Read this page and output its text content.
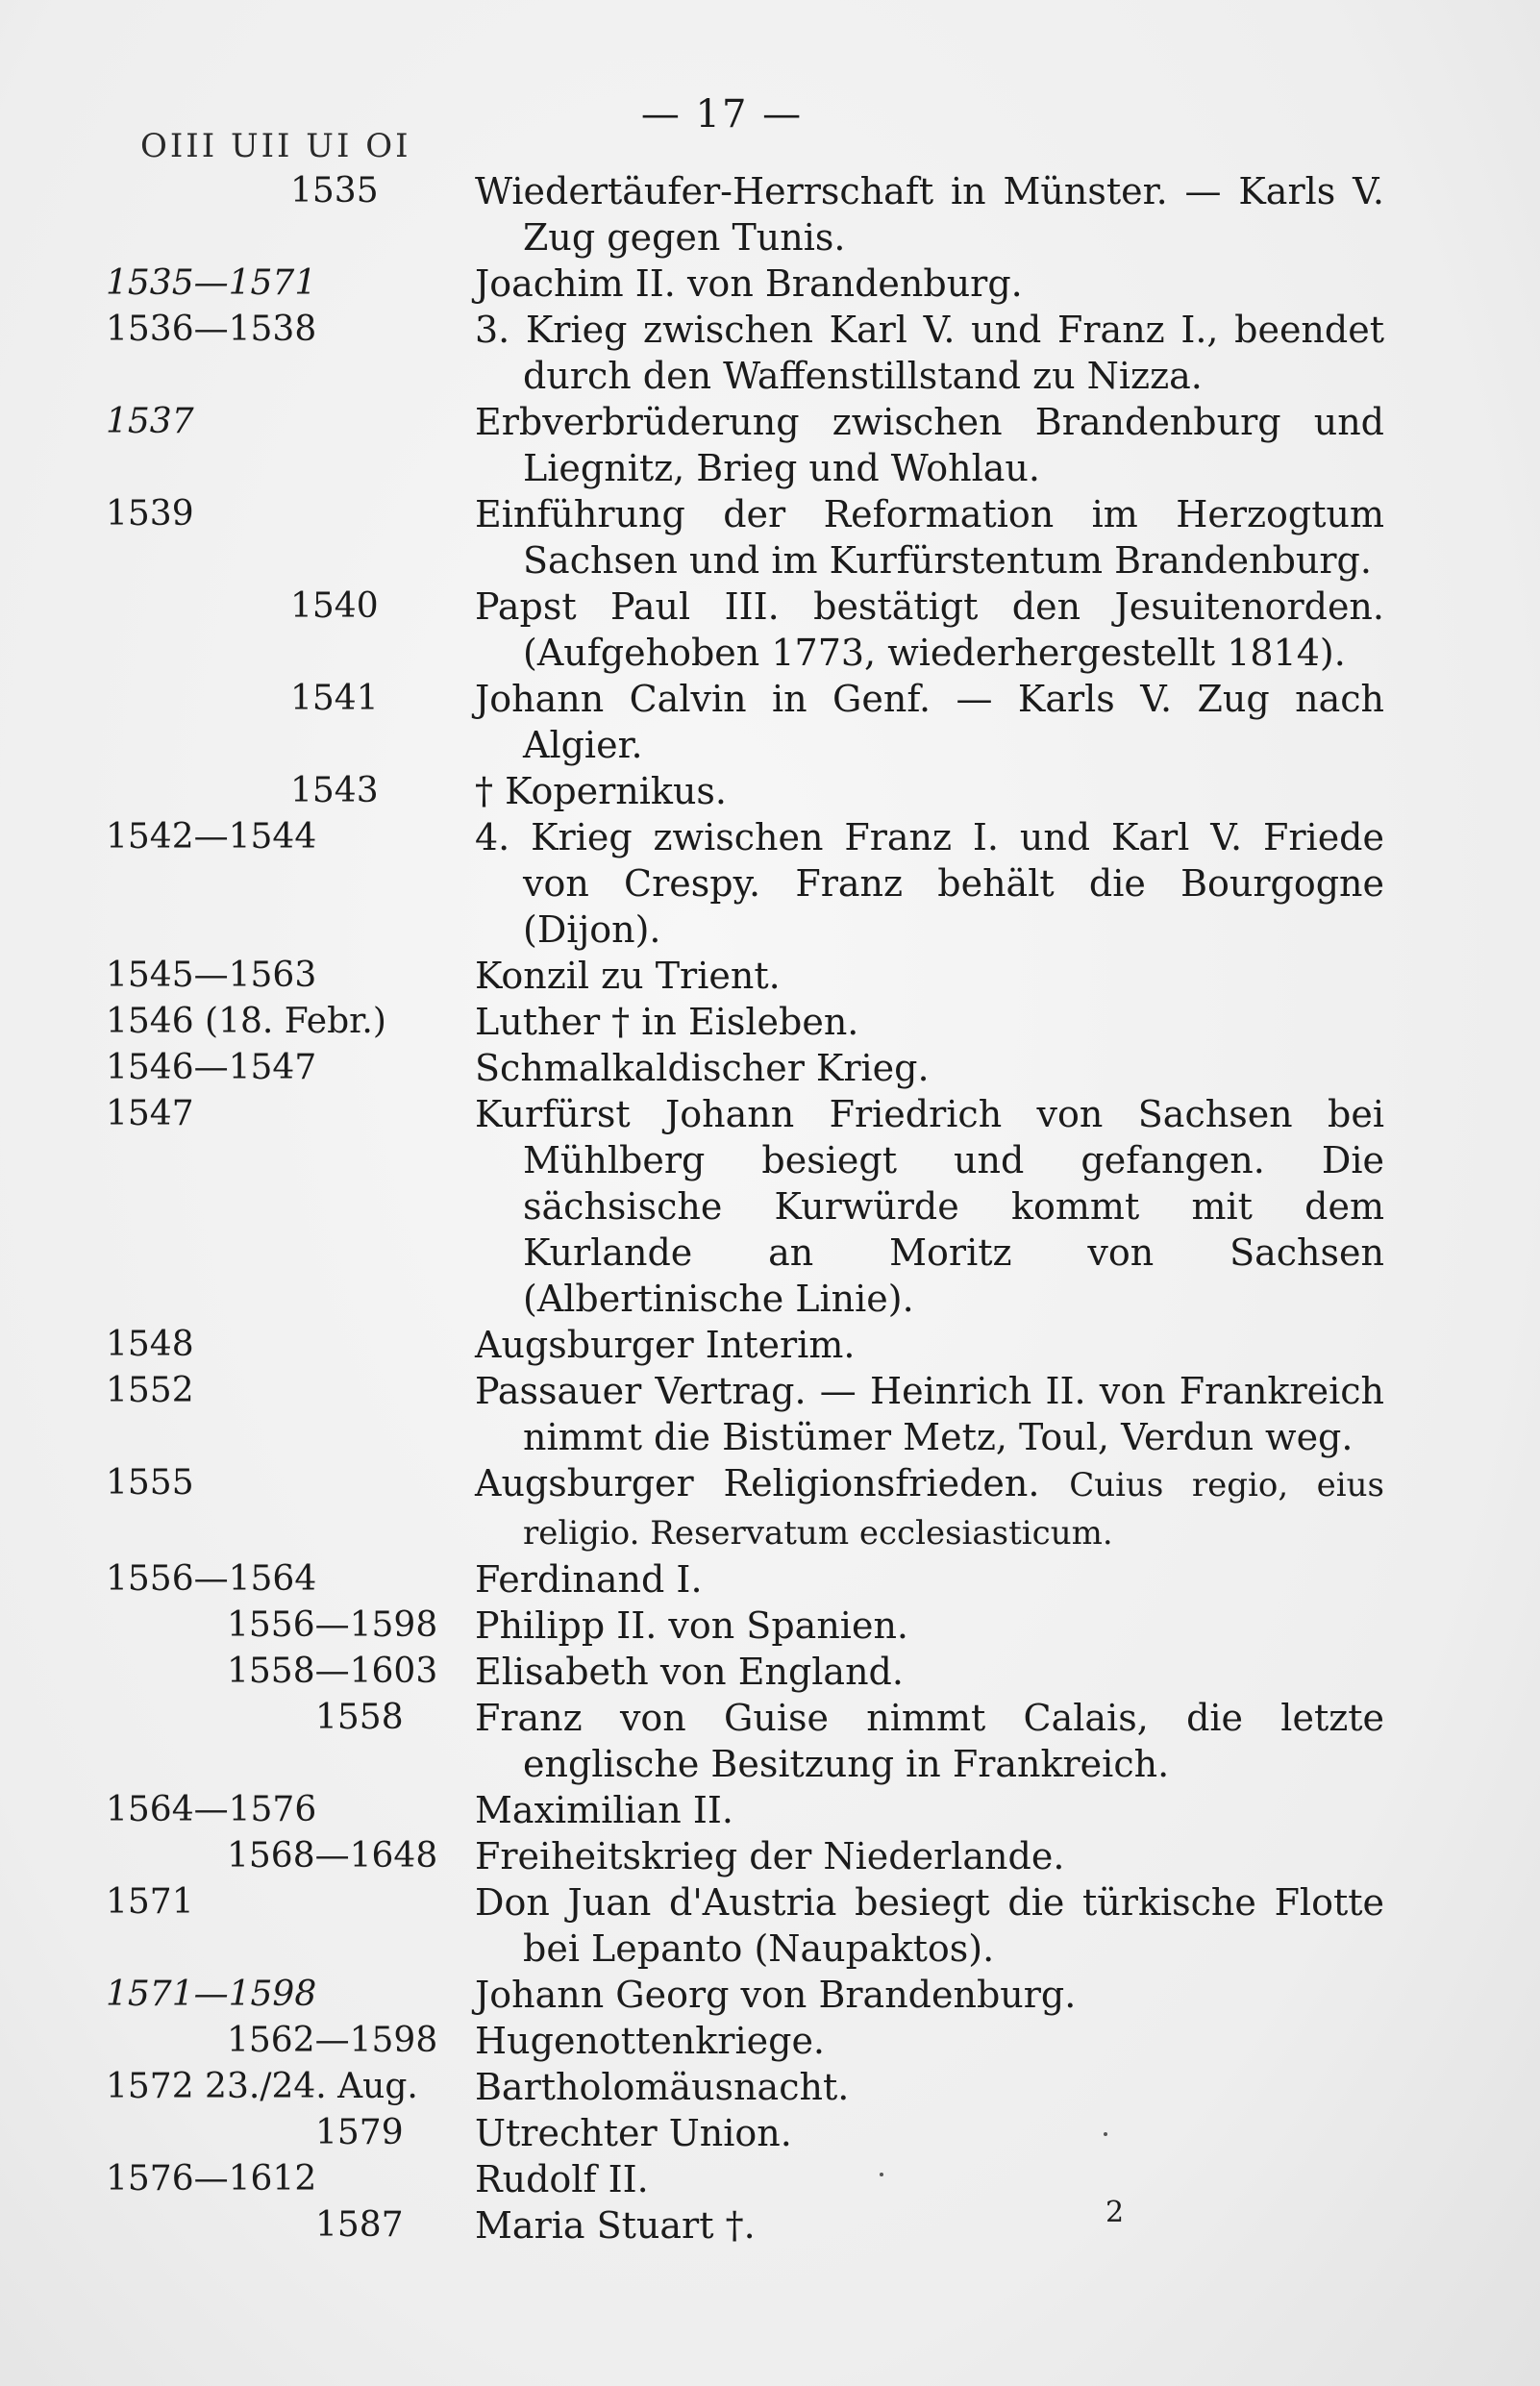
OIII UII UI OI
— 17 —
1535	Wiedertäufer-Herrschaft in Münster. — Karls V. Zug gegen Tunis.
1535—1571	Joachim II. von Brandenburg.
1536—1538	3. Krieg zwischen Karl V. und Franz I., beendet durch den Waffenstillstand zu Nizza.
1537	Erbverbrüderung zwischen Brandenburg und Liegnitz, Brieg und Wohlau.
1539	Einführung der Reformation im Herzogtum Sachsen und im Kurfürstentum Brandenburg.
1540	Papst Paul III. bestätigt den Jesuitenorden. (Aufgehoben 1773, wiederhergestellt 1814).
1541	Johann Calvin in Genf. — Karls V. Zug nach Algier.
1543	† Kopernikus.
1542—1544	4. Krieg zwischen Franz I. und Karl V. Friede von Crespy. Franz behält die Bourgogne (Dijon).
1545—1563	Konzil zu Trient.
1546 (18. Febr.) Luther † in Eisleben.
1546—1547	Schmalkaldischer Krieg.
1547	Kurfürst Johann Friedrich von Sachsen bei Mühlberg besiegt und gefangen. Die sächsische Kurwürde kommt mit dem Kurlande an Moritz von Sachsen (Albertinische Linie).
1548	Augsburger Interim.
1552	Passauer Vertrag. — Heinrich II. von Frankreich nimmt die Bistümer Metz, Toul, Verdun weg.
1555	Augsburger Religionsfrieden. Cuius regio, eius religio. Reservatum ecclesiasticum.
1556—1564	Ferdinand I.
1556—1598 Philipp II. von Spanien.
1558—1603 Elisabeth von England.
1558 Franz von Guise nimmt Calais, die letzte englische Besitzung in Frankreich.
1564—1576	Maximilian II.
1568—1648 Freiheitskrieg der Niederlande.
1571	Don Juan d'Austria besiegt die türkische Flotte bei Lepanto (Naupaktos).
1571—1598	Johann Georg von Brandenburg.
1562—1598 Hugenottenkriege.
1572 23./24. Aug. Bartholomäusnacht.
1579 Utrechter Union.
1576—1612	Rudolf II.
1587 Maria Stuart †.	2
